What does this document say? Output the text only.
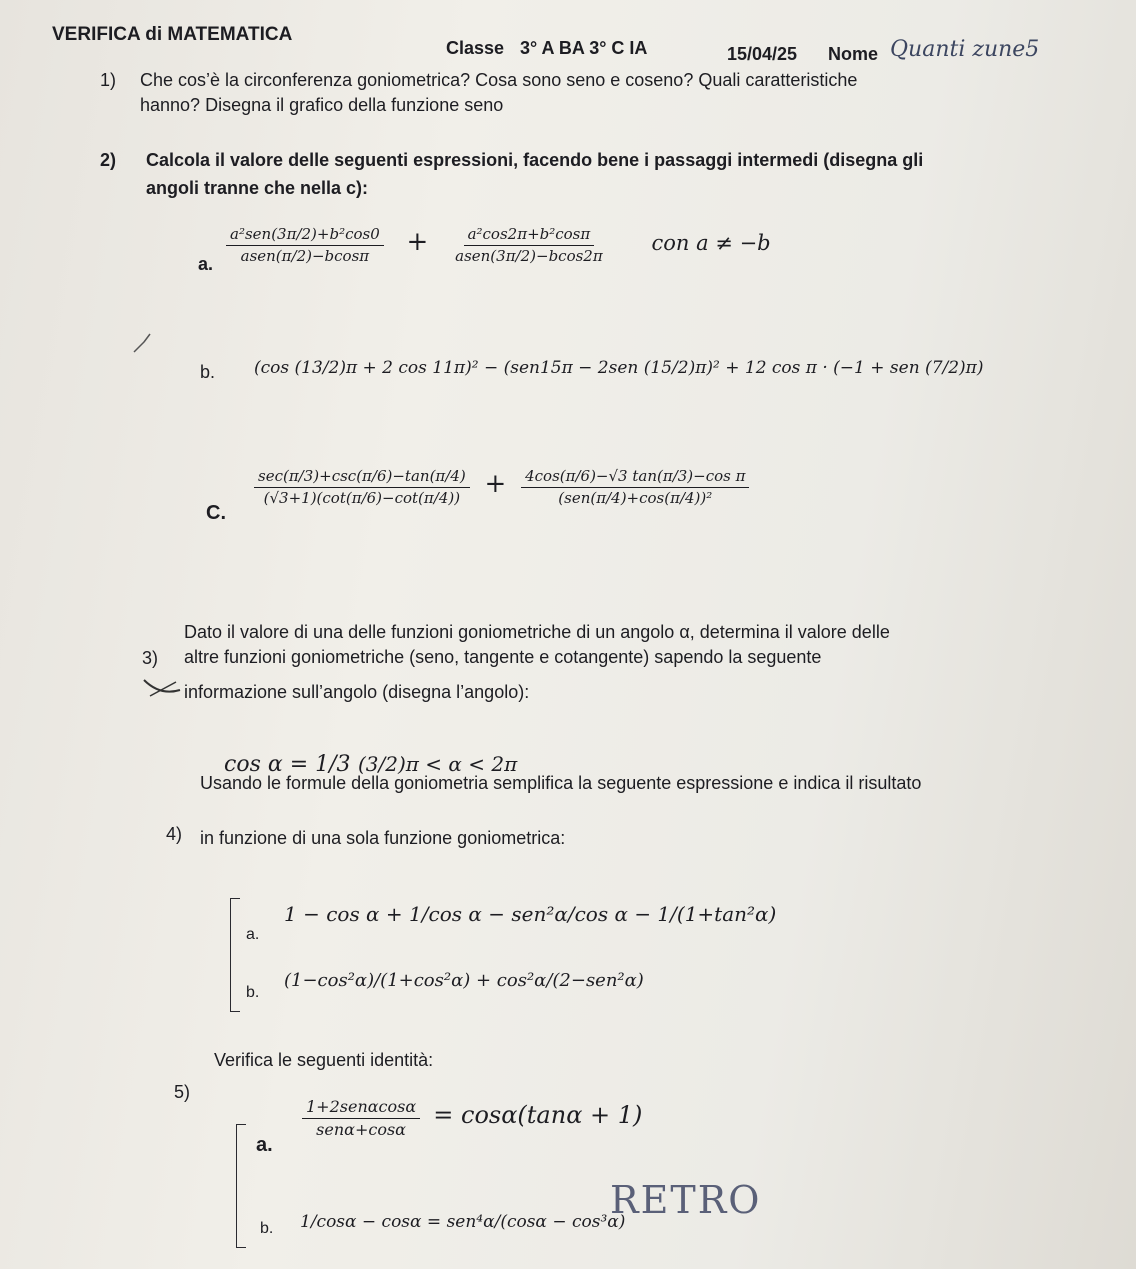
VERIFICA di MATEMATICA
Classe 3° A BA 3° C IA	15/04/25 Nome Quanti zune5
1) Che cos’è la circonferenza goniometrica? Cosa sono seno e coseno? Quali caratteristiche
hanno? Disegna il grafico della funzione seno
2) Calcola il valore delle seguenti espressioni, facendo bene i passaggi intermedi (disegna gli
angoli tranne che nella c):
a. $\frac{\text{a²sen(3π/2)+b²cos0}}{\text{asen(π/2)−bcosπ}} + \frac{\text{a²cos2π+b²cosπ}}{\text{asen(3π/2)−bcos2π}}$ con a ≠ −b
b. (cos (13/2)π + 2 cos 11π)² − (sen15π − 2sen (15/2)π)² + 12 cos π · (−1 + sen (7/2)π)
C.
$\frac{\sec(\pi/3)+\csc(\pi/6)-\tan(\pi/4)}{(√3+1)(\cot(\pi/6)-\cot(\pi/4))} + \frac{\text{4cos(π/6)−√3 tan(π/3)−cos π}}{\text{(sen(π/4)+cos(π/4))²}}$
3)
Dato il valore di una delle funzioni goniometriche di un angolo α, determina il valore delle
altre funzioni goniometriche (seno, tangente e cotangente) sapendo la seguente
informazione sull’angolo (disegna l’angolo):
cos α = 1/3 (3/2)π < α < 2π
4)
Usando le formule della goniometria semplifica la seguente espressione e indica il risultato
in funzione di una sola funzione goniometrica:
a.
1 − cos α + 1/cos α − sen²α/cos α − 1/(1+tan²α)
b.
(1−cos²α)/(1+cos²α) + cos²α/(2−sen²α)
5)
Verifica le seguenti identità:
a.
$\frac{\text{1+2senαcosα}}{\text{senα+cosα}} = \cos\alpha(\tan\alpha + 1)$
b. 1/cosα − cosα = sen⁴α/(cosα − cos³α)
RETRO
